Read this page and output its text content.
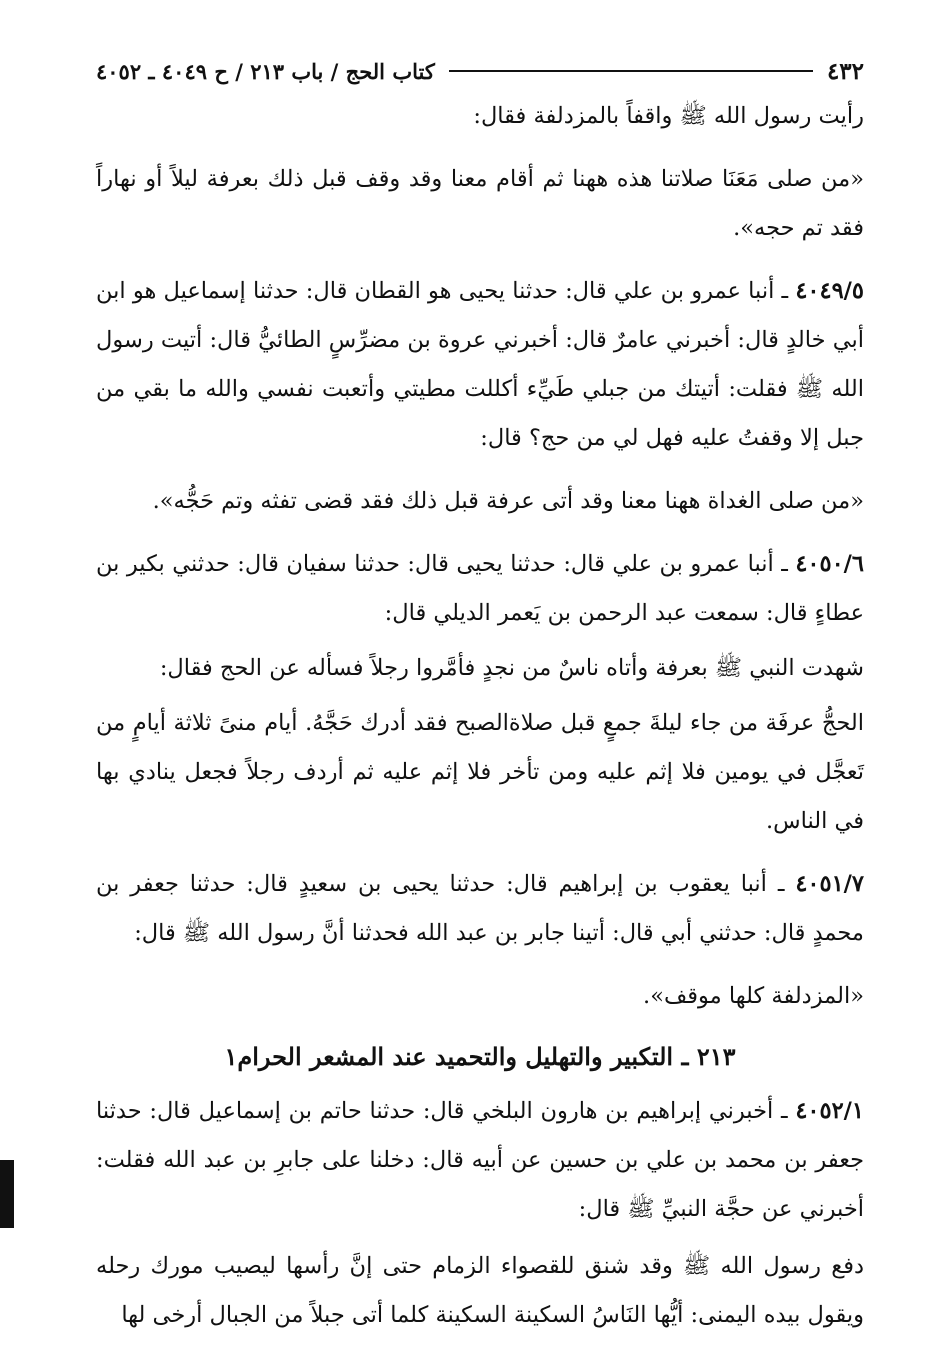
٤٣٢
كتاب الحج / باب ٢١٣ / ح ٤٠٤٩ ـ ٤٠٥٢

رأيت رسول الله ﷺ واقفاً بالمزدلفة فقال:

«من صلى مَعَنَا صلاتنا هذه ههنا ثم أقام معنا وقد وقف قبل ذلك بعرفة ليلاً أو نهاراً فقد تم حجه».

٤٠٤٩/٥ ـ أنبا عمرو بن علي قال: حدثنا يحيى هو القطان قال: حدثنا إسماعيل هو ابن أبي خالدٍ قال: أخبرني عامرٌ قال: أخبرني عروة بن مضرِّسٍ الطائيُّ قال: أتيت رسول الله ﷺ فقلت: أتيتك من جبلي طَيِّء أكللت مطيتي وأتعبت نفسي والله ما بقي من جبل إلا وقفتُ عليه فهل لي من حج؟ قال:

«من صلى الغداة ههنا معنا وقد أتى عرفة قبل ذلك فقد قضى تفثه وتم حَجُّه».

٤٠٥٠/٦ ـ أنبا عمرو بن علي قال: حدثنا يحيى قال: حدثنا سفيان قال: حدثني بكير بن عطاءٍ قال: سمعت عبد الرحمن بن يَعمر الديلي قال:

شهدت النبي ﷺ بعرفة وأتاه ناسٌ من نجدٍ فأمَّروا رجلاً فسأله عن الحج فقال:

الحجُّ عرفَة من جاء ليلةَ جمعٍ قبل صلاةالصبح فقد أدرك حَجَّهُ. أيام منىً ثلاثة أيامٍ من تَعجَّل في يومين فلا إثم عليه ومن تأخر فلا إثم عليه ثم أردف رجلاً فجعل ينادي بها في الناس.

٤٠٥١/٧ ـ أنبا يعقوب بن إبراهيم قال: حدثنا يحيى بن سعيدٍ قال: حدثنا جعفر بن محمدٍ قال: حدثني أبي قال: أتينا جابر بن عبد الله فحدثنا أنَّ رسول الله ﷺ قال:

«المزدلفة كلها موقف».

٢١٣ ـ التكبير والتهليل والتحميد عند المشعر الحرام١

٤٠٥٢/١ ـ أخبرني إبراهيم بن هارون البلخي قال: حدثنا حاتم بن إسماعيل قال: حدثنا جعفر بن محمد بن علي بن حسين عن أبيه قال: دخلنا على جابرِ بن عبد الله فقلت: أخبرني عن حجَّة النبيِّ ﷺ قال:

دفع رسول الله ﷺ وقد شنق للقصواء الزمام حتى إنَّ رأسها ليصيب مورك رحله ويقول بيده اليمنى: أيُّها النَاسُ السكينة السكينة كلما أتى جبلاً من الجبال أرخى لها
